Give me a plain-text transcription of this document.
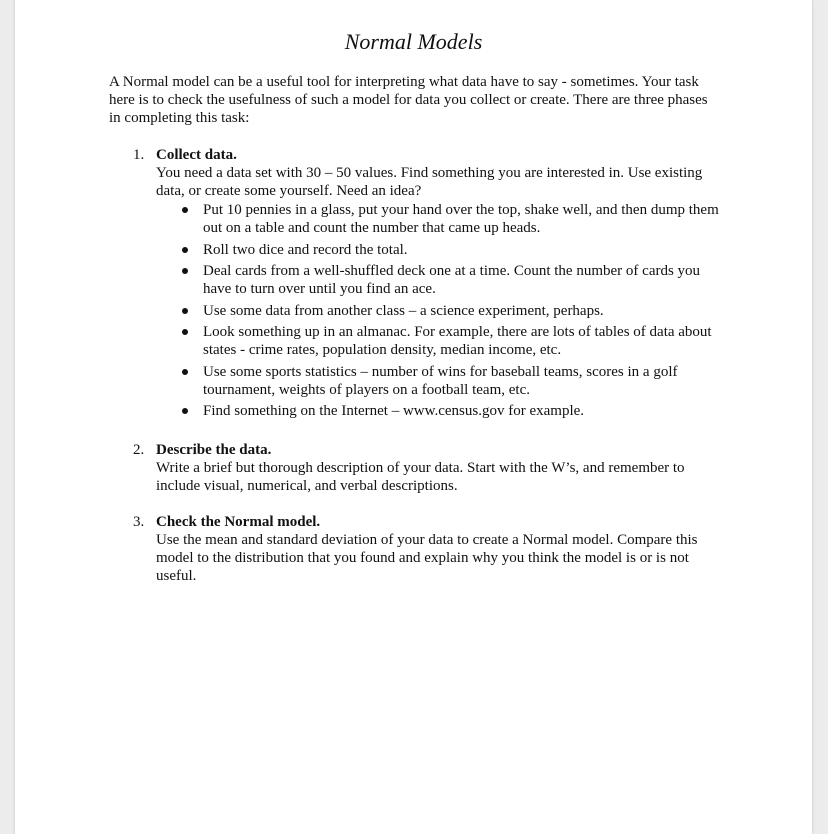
Normal Models

A Normal model can be a useful tool for interpreting what data have to say - sometimes. Your task here is to check the usefulness of such a model for data you collect or create. There are three phases in completing this task:

1. Collect data.

You need a data set with 30 – 50 values. Find something you are interested in. Use existing data, or create some yourself. Need an idea?

Put 10 pennies in a glass, put your hand over the top, shake well, and then dump them out on a table and count the number that came up heads.
Roll two dice and record the total.
Deal cards from a well-shuffled deck one at a time. Count the number of cards you have to turn over until you find an ace.
Use some data from another class – a science experiment, perhaps.
Look something up in an almanac. For example, there are lots of tables of data about states - crime rates, population density, median income, etc.
Use some sports statistics – number of wins for baseball teams, scores in a golf tournament, weights of players on a football team, etc.
Find something on the Internet – www.census.gov for example.
2. Describe the data.

Write a brief but thorough description of your data. Start with the W’s, and remember to include visual, numerical, and verbal descriptions.

3. Check the Normal model.

Use the mean and standard deviation of your data to create a Normal model. Compare this model to the distribution that you found and explain why you think the model is or is not useful.
